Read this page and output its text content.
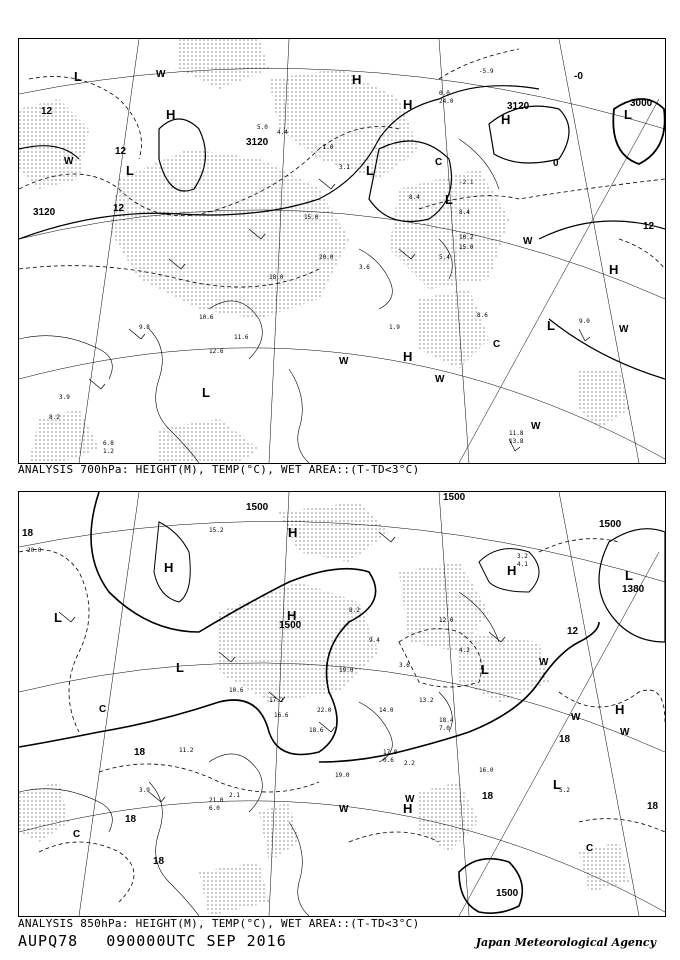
H
H
H
H
H
H
L
L	L
L
L
L
L
W
W
W
W
W
W
C
C
3120
3120
3120	3000
12
12
12
0
12
-0
W
5.0
4.4
-1.0
3.1
10.2
15.0
8.4
12.6
11.6
9.8	1.9
3.9
-2.1
5.4
15.0
10.6
8.2
3.6
8.6
20.0
11.8
13.8
6.8
1.2
9.0
8.4
-5.9
0.0
24.0
18.0
ANALYSIS 700hPa: HEIGHT(M), TEMP(°C), WET AREA::(T-TD<3°C)
H
H
H
H
H
H
L
L	L
L
L
W
W
W
W
W
C
C
C
1500
1500
1500
1500
1380
1500
18
18
18
18
18
18
12
18
20.0
15.2
17.2
19.0
22.0
18.6
14.0
13.2
18.4
7.0
3.2
4.1
12.0
16.0
5.2
6.0
2.1
19.0
17.0
8.2
9.4
16.6
21.0
3.9
2.2
0.6
10.6
4.2
3.6
11.2
ANALYSIS 850hPa: HEIGHT(M), TEMP(°C), WET AREA::(T-TD<3°C)
AUPQ78 090000UTC SEP 2016	Japan Meteorological Agency
